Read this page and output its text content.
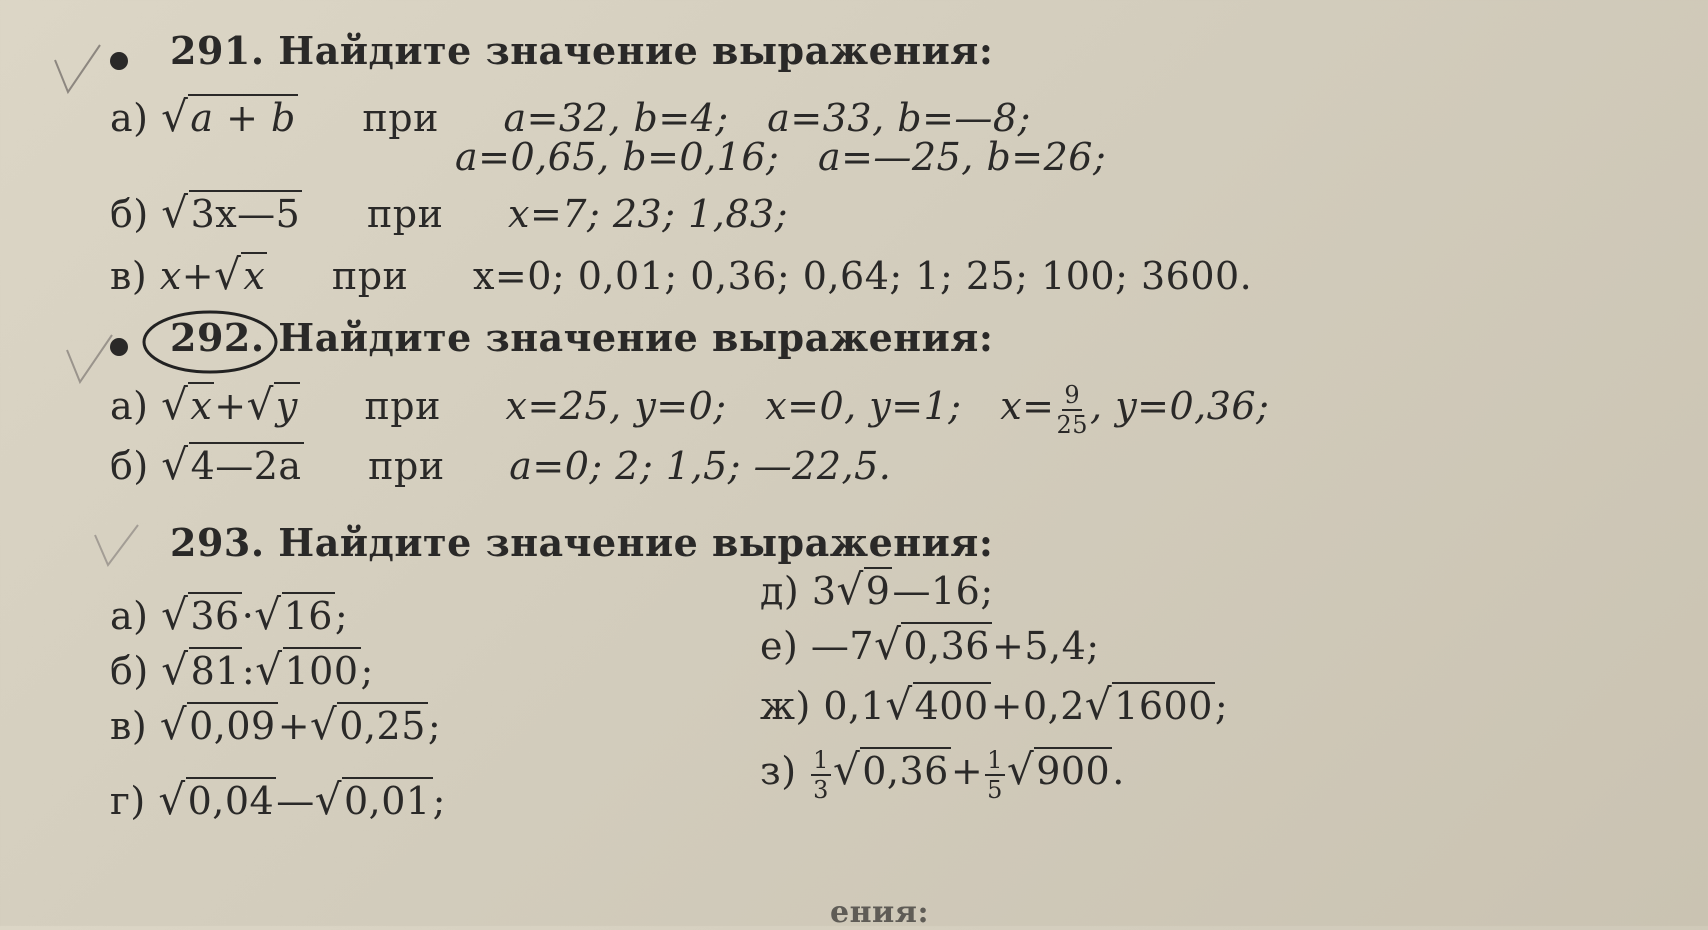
291. Найдите значение выражения:
а) √a + b при a=32, b=4; a=33, b=—8;
a=0,65, b=0,16; a=—25, b=26;
б) √3x—5 при x=7; 23; 1,83;
в) x+√x при x=0; 0,01; 0,36; 0,64; 1; 25; 100; 3600.
292. Найдите значение выражения:
а) √x+√y при x=25, y=0; x=0, y=1; $x= \frac{9}{25}$ , y=0,36;
б) √4—2a при a=0; 2; 1,5; —22,5.
293. Найдите значение выражения:
а) √36·√16;
б) √81:√100;
в) √0,09+√0,25;
г) √0,04—√0,01;
д) 3√9—16;
е) —7√0,36+5,4;
ж) 0,1√400+0,2√1600;
$з) \frac{1}{3} √0,36+ \frac{1}{5} √900$.
ения:
